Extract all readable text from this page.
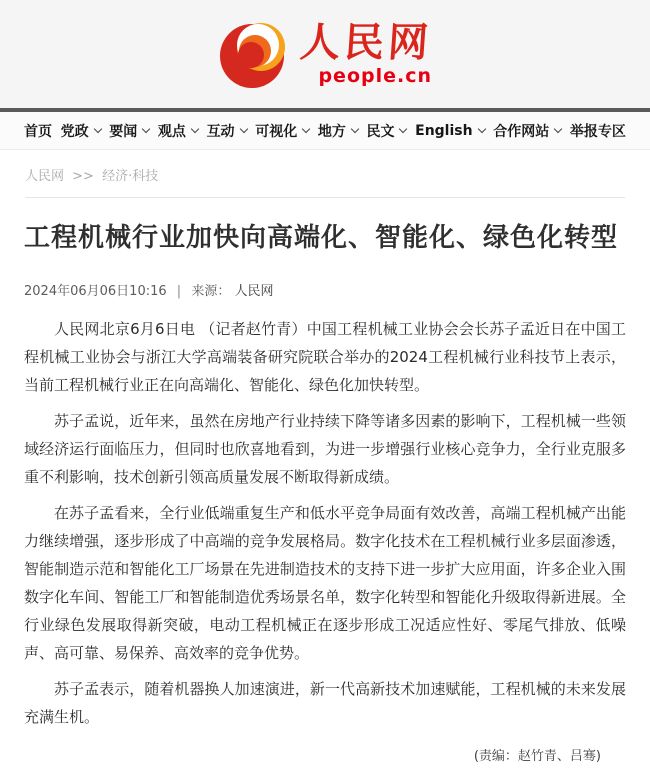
人民网
people.cn
首页 党政 要闻 观点 互动 可视化 地方 民文 English 合作网站 举报专区
人民网 >> 经济·科技
工程机械行业加快向高端化、智能化、绿色化转型
2024年06月06日10:16 | 来源： 人民网

人民网北京6月6日电 （记者赵竹青）中国工程机械工业协会会长苏子孟近日在中国工程机械工业协会与浙江大学高端装备研究院联合举办的2024工程机械行业科技节上表示，当前工程机械行业正在向高端化、智能化、绿色化加快转型。

苏子孟说，近年来，虽然在房地产行业持续下降等诸多因素的影响下，工程机械一些领域经济运行面临压力，但同时也欣喜地看到，为进一步增强行业核心竞争力，全行业克服多重不利影响，技术创新引领高质量发展不断取得新成绩。

在苏子孟看来，全行业低端重复生产和低水平竞争局面有效改善，高端工程机械产出能力继续增强，逐步形成了中高端的竞争发展格局。数字化技术在工程机械行业多层面渗透，智能制造示范和智能化工厂场景在先进制造技术的支持下进一步扩大应用面，许多企业入围数字化车间、智能工厂和智能制造优秀场景名单，数字化转型和智能化升级取得新进展。全行业绿色发展取得新突破，电动工程机械正在逐步形成工况适应性好、零尾气排放、低噪声、高可靠、易保养、高效率的竞争优势。

苏子孟表示，随着机器换人加速演进，新一代高新技术加速赋能，工程机械的未来发展充满生机。

(责编：赵竹青、吕骞)
